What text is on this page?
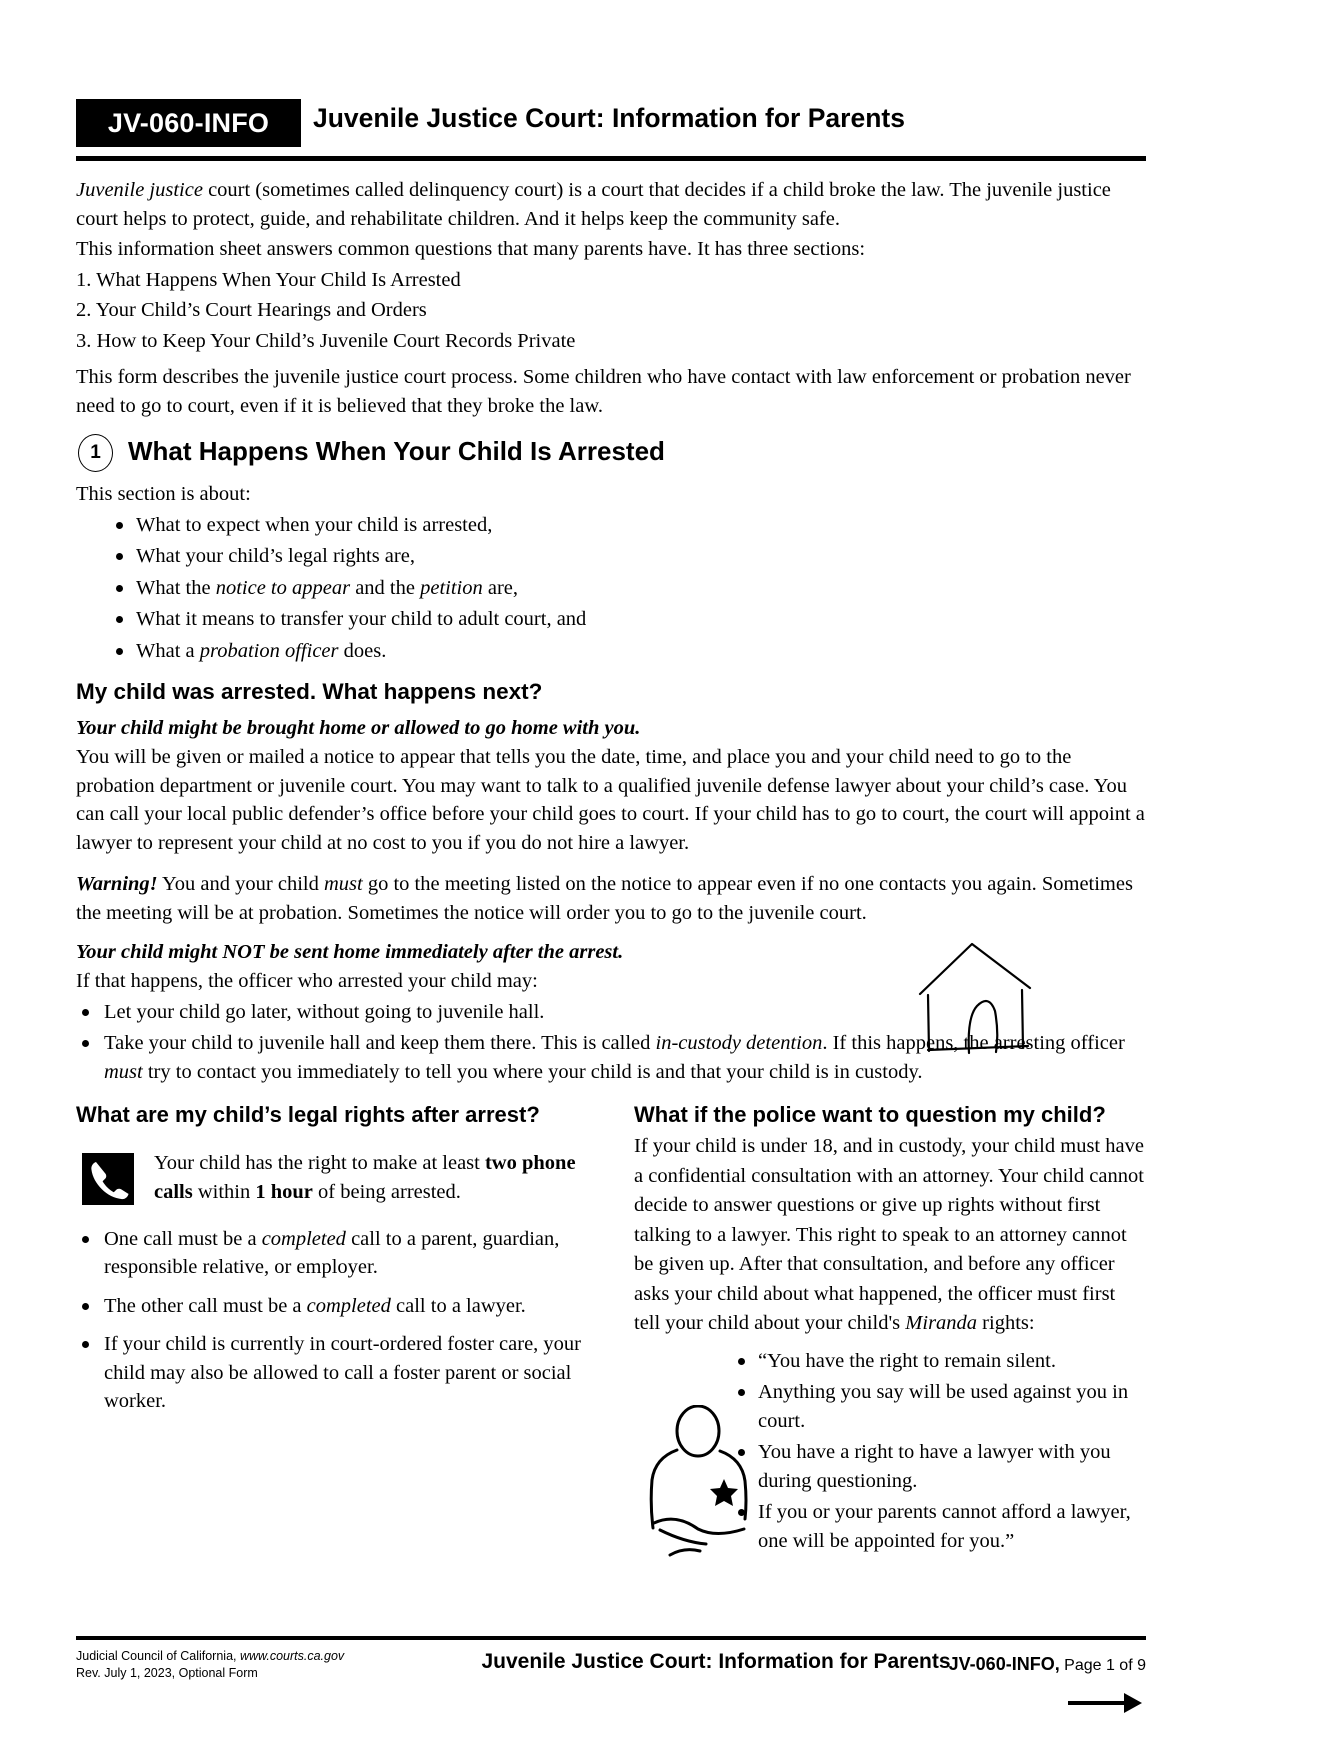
JV-060-INFO	Juvenile Justice Court: Information for Parents

Juvenile justice court (sometimes called delinquency court) is a court that decides if a child broke the law. The juvenile justice court helps to protect, guide, and rehabilitate children. And it helps keep the community safe.

This information sheet answers common questions that many parents have. It has three sections:

1. What Happens When Your Child Is Arrested

2. Your Child’s Court Hearings and Orders

3. How to Keep Your Child’s Juvenile Court Records Private

This form describes the juvenile justice court process. Some children who have contact with law enforcement or probation never need to go to court, even if it is believed that they broke the law.

1	What Happens When Your Child Is Arrested

This section is about:

What to expect when your child is arrested,
What your child’s legal rights are,
What the notice to appear and the petition are,
What it means to transfer your child to adult court, and
What a probation officer does.

My child was arrested. What happens next?

Your child might be brought home or allowed to go home with you.

You will be given or mailed a notice to appear that tells you the date, time, and place you and your child need to go to the probation department or juvenile court. You may want to talk to a qualified juvenile defense lawyer about your child’s case. You can call your local public defender’s office before your child goes to court. If your child has to go to court, the court will appoint a lawyer to represent your child at no cost to you if you do not hire a lawyer.

Warning! You and your child must go to the meeting listed on the notice to appear even if no one contacts you again. Sometimes the meeting will be at probation. Sometimes the notice will order you to go to the juvenile court.

Your child might NOT be sent home immediately after the arrest.

If that happens, the officer who arrested your child may:

Let your child go later, without going to juvenile hall.
Take your child to juvenile hall and keep them there. This is called in-custody detention. If this happens, the arresting officer must try to contact you immediately to tell you where your child is and that your child is in custody.

What are my child’s legal rights after arrest?

Your child has the right to make at least two phone calls within 1 hour of being arrested.

One call must be a completed call to a parent, guardian, responsible relative, or employer.
The other call must be a completed call to a lawyer.
If your child is currently in court-ordered foster care, your child may also be allowed to call a foster parent or social worker.

What if the police want to question my child?

If your child is under 18, and in custody, your child must have a confidential consultation with an attorney. Your child cannot decide to answer questions or give up rights without first talking to a lawyer. This right to speak to an attorney cannot be given up. After that consultation, and before any officer asks your child about what happened, the officer must first tell your child about your child's Miranda rights:

“You have the right to remain silent.
Anything you say will be used against you in court.
You have a right to have a lawyer with you during questioning.
If you or your parents cannot afford a lawyer, one will be appointed for you.”
Judicial Council of California, www.courts.ca.gov
Rev. July 1, 2023, Optional Form	Juvenile Justice Court: Information for Parents
JV-060-INFO, Page 1 of 9
